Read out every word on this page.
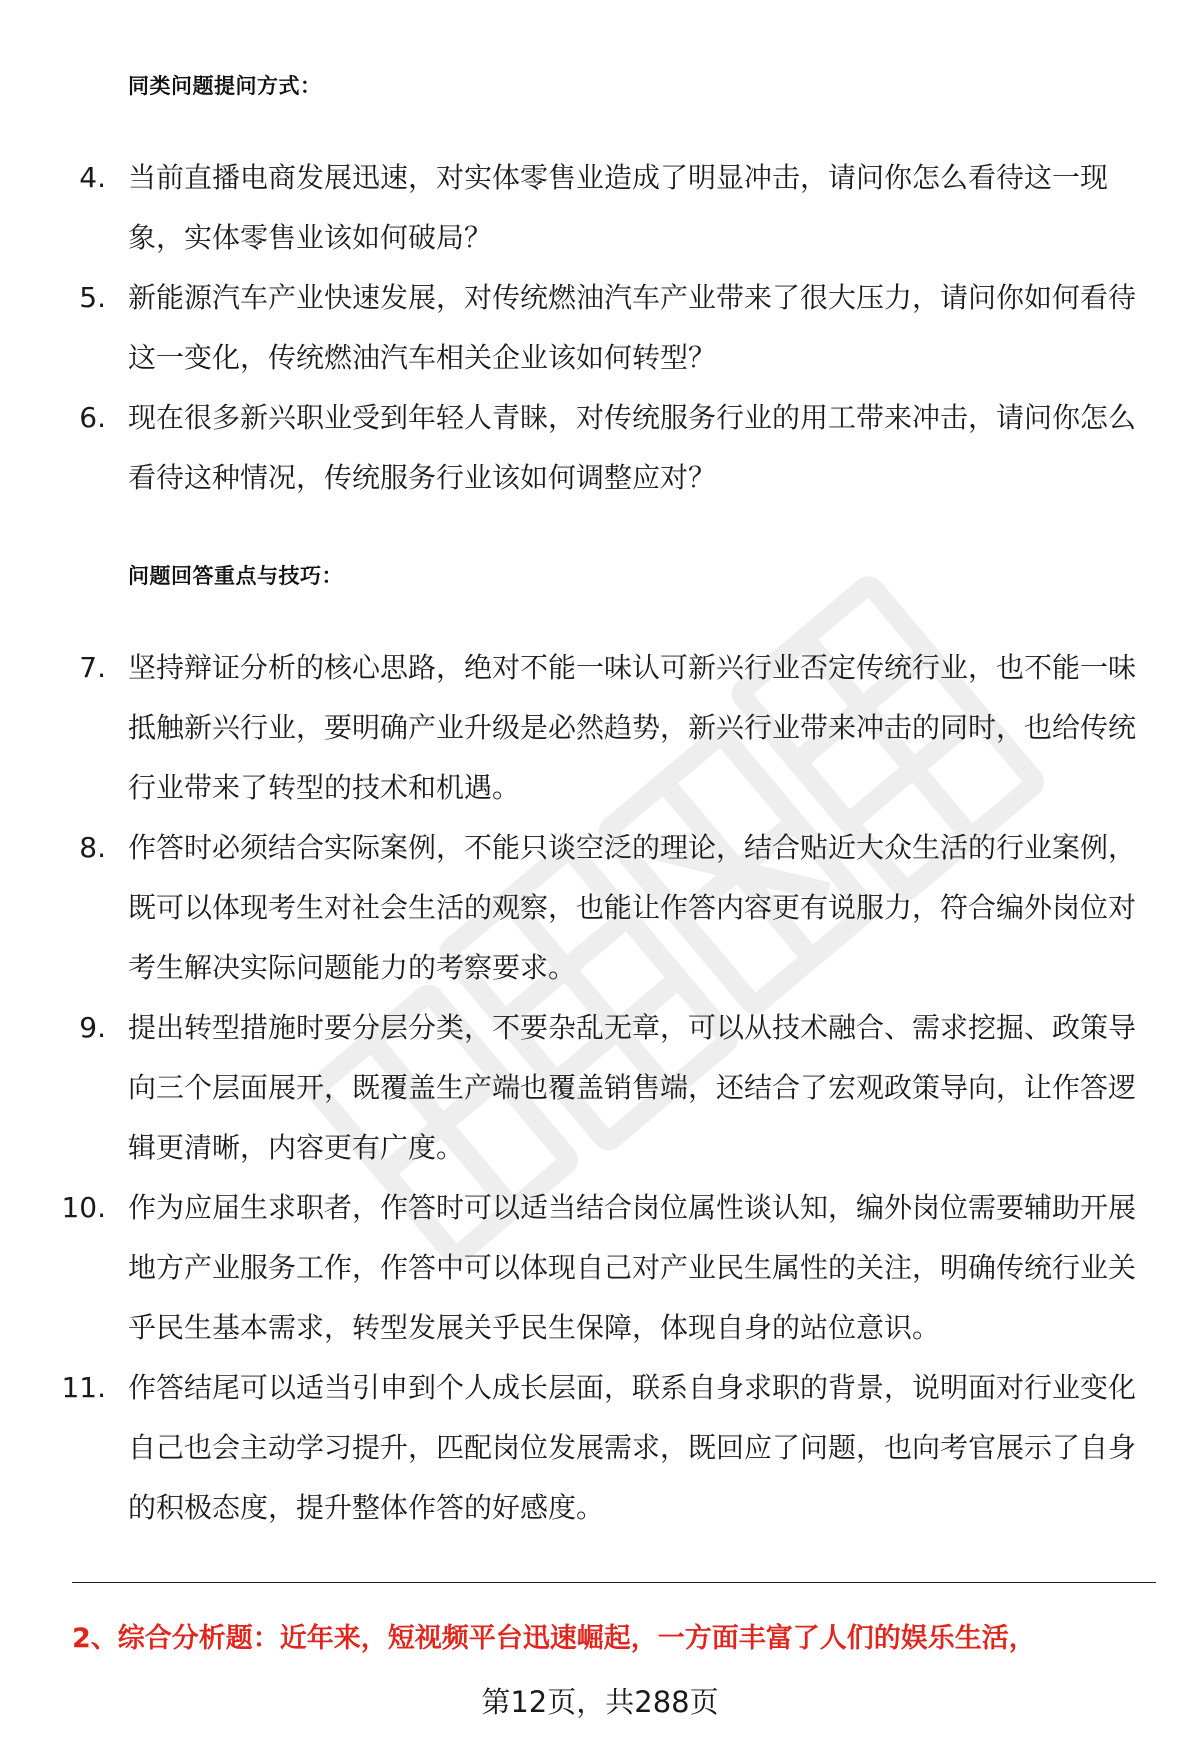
同类问题提问方式：
4. 当前直播电商发展迅速，对实体零售业造成了明显冲击，请问你怎么看待这一现象，实体零售业该如何破局？
5. 新能源汽车产业快速发展，对传统燃油汽车产业带来了很大压力，请问你如何看待这一变化，传统燃油汽车相关企业该如何转型？
6. 现在很多新兴职业受到年轻人青睐，对传统服务行业的用工带来冲击，请问你怎么看待这种情况，传统服务行业该如何调整应对？
问题回答重点与技巧：
7. 坚持辩证分析的核心思路，绝对不能一味认可新兴行业否定传统行业，也不能一味抵触新兴行业，要明确产业升级是必然趋势，新兴行业带来冲击的同时，也给传统行业带来了转型的技术和机遇。
8. 作答时必须结合实际案例，不能只谈空泛的理论，结合贴近大众生活的行业案例，既可以体现考生对社会生活的观察，也能让作答内容更有说服力，符合编外岗位对考生解决实际问题能力的考察要求。
9. 提出转型措施时要分层分类，不要杂乱无章，可以从技术融合、需求挖掘、政策导向三个层面展开，既覆盖生产端也覆盖销售端，还结合了宏观政策导向，让作答逻辑更清晰，内容更有广度。
10. 作为应届生求职者，作答时可以适当结合岗位属性谈认知，编外岗位需要辅助开展地方产业服务工作，作答中可以体现自己对产业民生属性的关注，明确传统行业关乎民生基本需求，转型发展关乎民生保障，体现自身的站位意识。
11. 作答结尾可以适当引申到个人成长层面，联系自身求职的背景，说明面对行业变化自己也会主动学习提升，匹配岗位发展需求，既回应了问题，也向考官展示了自身的积极态度，提升整体作答的好感度。
2、综合分析题：近年来，短视频平台迅速崛起，一方面丰富了人们的娱乐生活，
第12页，共288页
